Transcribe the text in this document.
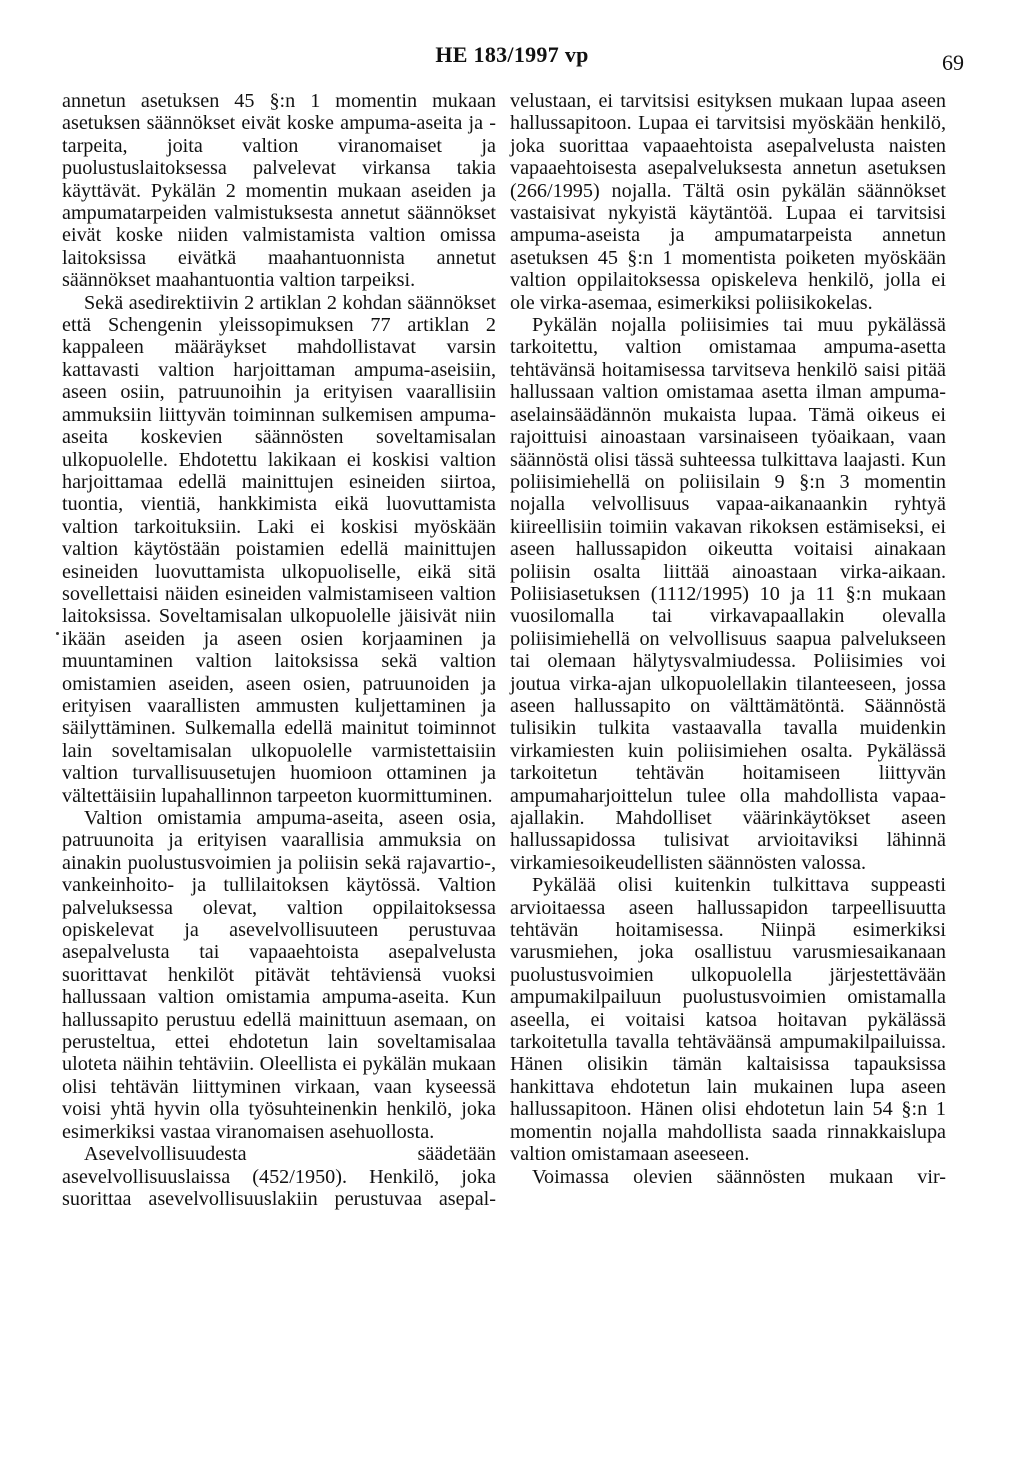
HE 183/1997 vp	69

annetun asetuksen 45 §:n 1 momentin mukaan asetuksen säännökset eivät koske ampuma-aseita ja -tarpeita, joita valtion viranomaiset ja puolustuslaitoksessa palvelevat virkansa takia käyttävät. Pykälän 2 momentin mukaan aseiden ja ampumatarpeiden valmistuksesta annetut säännökset eivät koske niiden valmistamista valtion omissa laitoksissa eivätkä maahantuonnista annetut säännökset maahantuontia valtion tarpeiksi.

Sekä asedirektiivin 2 artiklan 2 kohdan säännökset että Schengenin yleissopimuksen 77 artiklan 2 kappaleen määräykset mahdollistavat varsin kattavasti valtion harjoittaman ampuma-aseisiin, aseen osiin, patruunoihin ja erityisen vaarallisiin ammuksiin liittyvän toiminnan sulkemisen ampuma-aseita koskevien säännösten soveltamisalan ulkopuolelle. Ehdotettu lakikaan ei koskisi valtion harjoittamaa edellä mainittujen esineiden siirtoa, tuontia, vientiä, hankkimista eikä luovuttamista valtion tarkoituksiin. Laki ei koskisi myöskään valtion käytöstään poistamien edellä mainittujen esineiden luovuttamista ulkopuoliselle, eikä sitä sovellettaisi näiden esineiden valmistamiseen valtion laitoksissa. Soveltamisalan ulkopuolelle jäisivät niin ikään aseiden ja aseen osien korjaaminen ja muuntaminen valtion laitoksissa sekä valtion omistamien aseiden, aseen osien, patruunoiden ja erityisen vaarallisten ammusten kuljettaminen ja säilyttäminen. Sulkemalla edellä mainitut toiminnot lain soveltamisalan ulkopuolelle varmistettaisiin valtion turvallisuusetujen huomioon ottaminen ja vältettäisiin lupahallinnon tarpeeton kuormittuminen.

Valtion omistamia ampuma-aseita, aseen osia, patruunoita ja erityisen vaarallisia ammuksia on ainakin puolustusvoimien ja poliisin sekä rajavartio-, vankeinhoito- ja tullilaitoksen käytössä. Valtion palveluksessa olevat, valtion oppilaitoksessa opiskelevat ja asevelvollisuuteen perustuvaa asepalvelusta tai vapaaehtoista asepalvelusta suorittavat henkilöt pitävät tehtäviensä vuoksi hallussaan valtion omistamia ampuma-aseita. Kun hallussapito perustuu edellä mainittuun asemaan, on perusteltua, ettei ehdotetun lain soveltamisalaa uloteta näihin tehtäviin. Oleellista ei pykälän mukaan olisi tehtävän liittyminen virkaan, vaan kyseessä voisi yhtä hyvin olla työsuhteinenkin henkilö, joka esimerkiksi vastaa viranomaisen asehuollosta.

Asevelvollisuudesta säädetään asevelvollisuuslaissa (452/1950). Henkilö, joka suorittaa asevelvollisuuslakiin perustuvaa asepal-

velustaan, ei tarvitsisi esityksen mukaan lupaa aseen hallussapitoon. Lupaa ei tarvitsisi myöskään henkilö, joka suorittaa vapaaehtoista asepalvelusta naisten vapaaehtoisesta asepalveluksesta annetun asetuksen (266/1995) nojalla. Tältä osin pykälän säännökset vastaisivat nykyistä käytäntöä. Lupaa ei tarvitsisi ampuma-aseista ja ampumatarpeista annetun asetuksen 45 §:n 1 momentista poiketen myöskään valtion oppilaitoksessa opiskeleva henkilö, jolla ei ole virka-asemaa, esimerkiksi poliisikokelas.

Pykälän nojalla poliisimies tai muu pykälässä tarkoitettu, valtion omistamaa ampuma-asetta tehtävänsä hoitamisessa tarvitseva henkilö saisi pitää hallussaan valtion omistamaa asetta ilman ampuma-aselainsäädännön mukaista lupaa. Tämä oikeus ei rajoittuisi ainoastaan varsinaiseen työaikaan, vaan säännöstä olisi tässä suhteessa tulkittava laajasti. Kun poliisimiehellä on poliisilain 9 §:n 3 momentin nojalla velvollisuus vapaa-aikanaankin ryhtyä kiireellisiin toimiin vakavan rikoksen estämiseksi, ei aseen hallussapidon oikeutta voitaisi ainakaan poliisin osalta liittää ainoastaan virka-aikaan. Poliisiasetuksen (1112/1995) 10 ja 11 §:n mukaan vuosilomalla tai virkavapaallakin olevalla poliisimiehellä on velvollisuus saapua palvelukseen tai olemaan hälytysvalmiudessa. Poliisimies voi joutua virka-ajan ulkopuolellakin tilanteeseen, jossa aseen hallussapito on välttämätöntä. Säännöstä tulisikin tulkita vastaavalla tavalla muidenkin virkamiesten kuin poliisimiehen osalta. Pykälässä tarkoitetun tehtävän hoitamiseen liittyvän ampumaharjoittelun tulee olla mahdollista vapaa-ajallakin. Mahdolliset väärinkäytökset aseen hallussapidossa tulisivat arvioitaviksi lähinnä virkamiesoikeudellisten säännösten valossa.

Pykälää olisi kuitenkin tulkittava suppeasti arvioitaessa aseen hallussapidon tarpeellisuutta tehtävän hoitamisessa. Niinpä esimerkiksi varusmiehen, joka osallistuu varusmiesaikanaan puolustusvoimien ulkopuolella järjestettävään ampumakilpailuun puolustusvoimien omistamalla aseella, ei voitaisi katsoa hoitavan pykälässä tarkoitetulla tavalla tehtäväänsä ampumakilpailuissa. Hänen olisikin tämän kaltaisissa tapauksissa hankittava ehdotetun lain mukainen lupa aseen hallussapitoon. Hänen olisi ehdotetun lain 54 §:n 1 momentin nojalla mahdollista saada rinnakkaislupa valtion omistamaan aseeseen.

Voimassa olevien säännösten mukaan vir-
